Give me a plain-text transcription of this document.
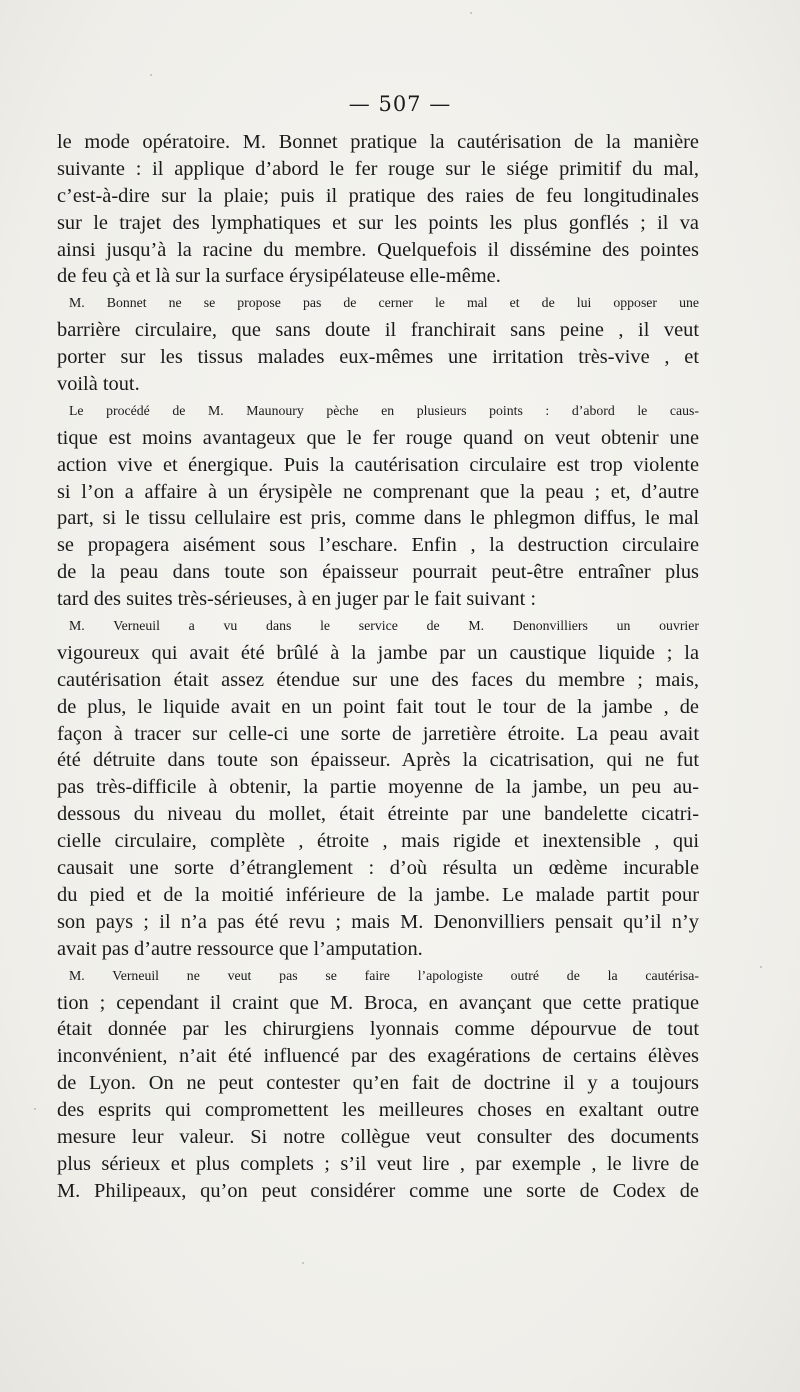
— 507 —
le mode opératoire. M. Bonnet pratique la cautérisation de la manière
suivante : il applique d’abord le fer rouge sur le siége primitif du mal,
c’est-à-dire sur la plaie; puis il pratique des raies de feu longitudinales
sur le trajet des lymphatiques et sur les points les plus gonflés ; il va
ainsi jusqu’à la racine du membre. Quelquefois il dissémine des pointes
de feu çà et là sur la surface érysipélateuse elle-même.
M. Bonnet ne se propose pas de cerner le mal et de lui opposer une
barrière circulaire, que sans doute il franchirait sans peine , il veut
porter sur les tissus malades eux-mêmes une irritation très-vive , et
voilà tout.
Le procédé de M. Maunoury pèche en plusieurs points : d’abord le caus-
tique est moins avantageux que le fer rouge quand on veut obtenir une
action vive et énergique. Puis la cautérisation circulaire est trop violente
si l’on a affaire à un érysipèle ne comprenant que la peau ; et, d’autre
part, si le tissu cellulaire est pris, comme dans le phlegmon diffus, le mal
se propagera aisément sous l’eschare. Enfin , la destruction circulaire
de la peau dans toute son épaisseur pourrait peut-être entraîner plus
tard des suites très-sérieuses, à en juger par le fait suivant :
M. Verneuil a vu dans le service de M. Denonvilliers un ouvrier
vigoureux qui avait été brûlé à la jambe par un caustique liquide ; la
cautérisation était assez étendue sur une des faces du membre ; mais,
de plus, le liquide avait en un point fait tout le tour de la jambe , de
façon à tracer sur celle-ci une sorte de jarretière étroite. La peau avait
été détruite dans toute son épaisseur. Après la cicatrisation, qui ne fut
pas très-difficile à obtenir, la partie moyenne de la jambe, un peu au-
dessous du niveau du mollet, était étreinte par une bandelette cicatri-
cielle circulaire, complète , étroite , mais rigide et inextensible , qui
causait une sorte d’étranglement : d’où résulta un œdème incurable
du pied et de la moitié inférieure de la jambe. Le malade partit pour
son pays ; il n’a pas été revu ; mais M. Denonvilliers pensait qu’il n’y
avait pas d’autre ressource que l’amputation.
M. Verneuil ne veut pas se faire l’apologiste outré de la cautérisa-
tion ; cependant il craint que M. Broca, en avançant que cette pratique
était donnée par les chirurgiens lyonnais comme dépourvue de tout
inconvénient, n’ait été influencé par des exagérations de certains élèves
de Lyon. On ne peut contester qu’en fait de doctrine il y a toujours
des esprits qui compromettent les meilleures choses en exaltant outre
mesure leur valeur. Si notre collègue veut consulter des documents
plus sérieux et plus complets ; s’il veut lire , par exemple , le livre de
M. Philipeaux, qu’on peut considérer comme une sorte de Codex de
